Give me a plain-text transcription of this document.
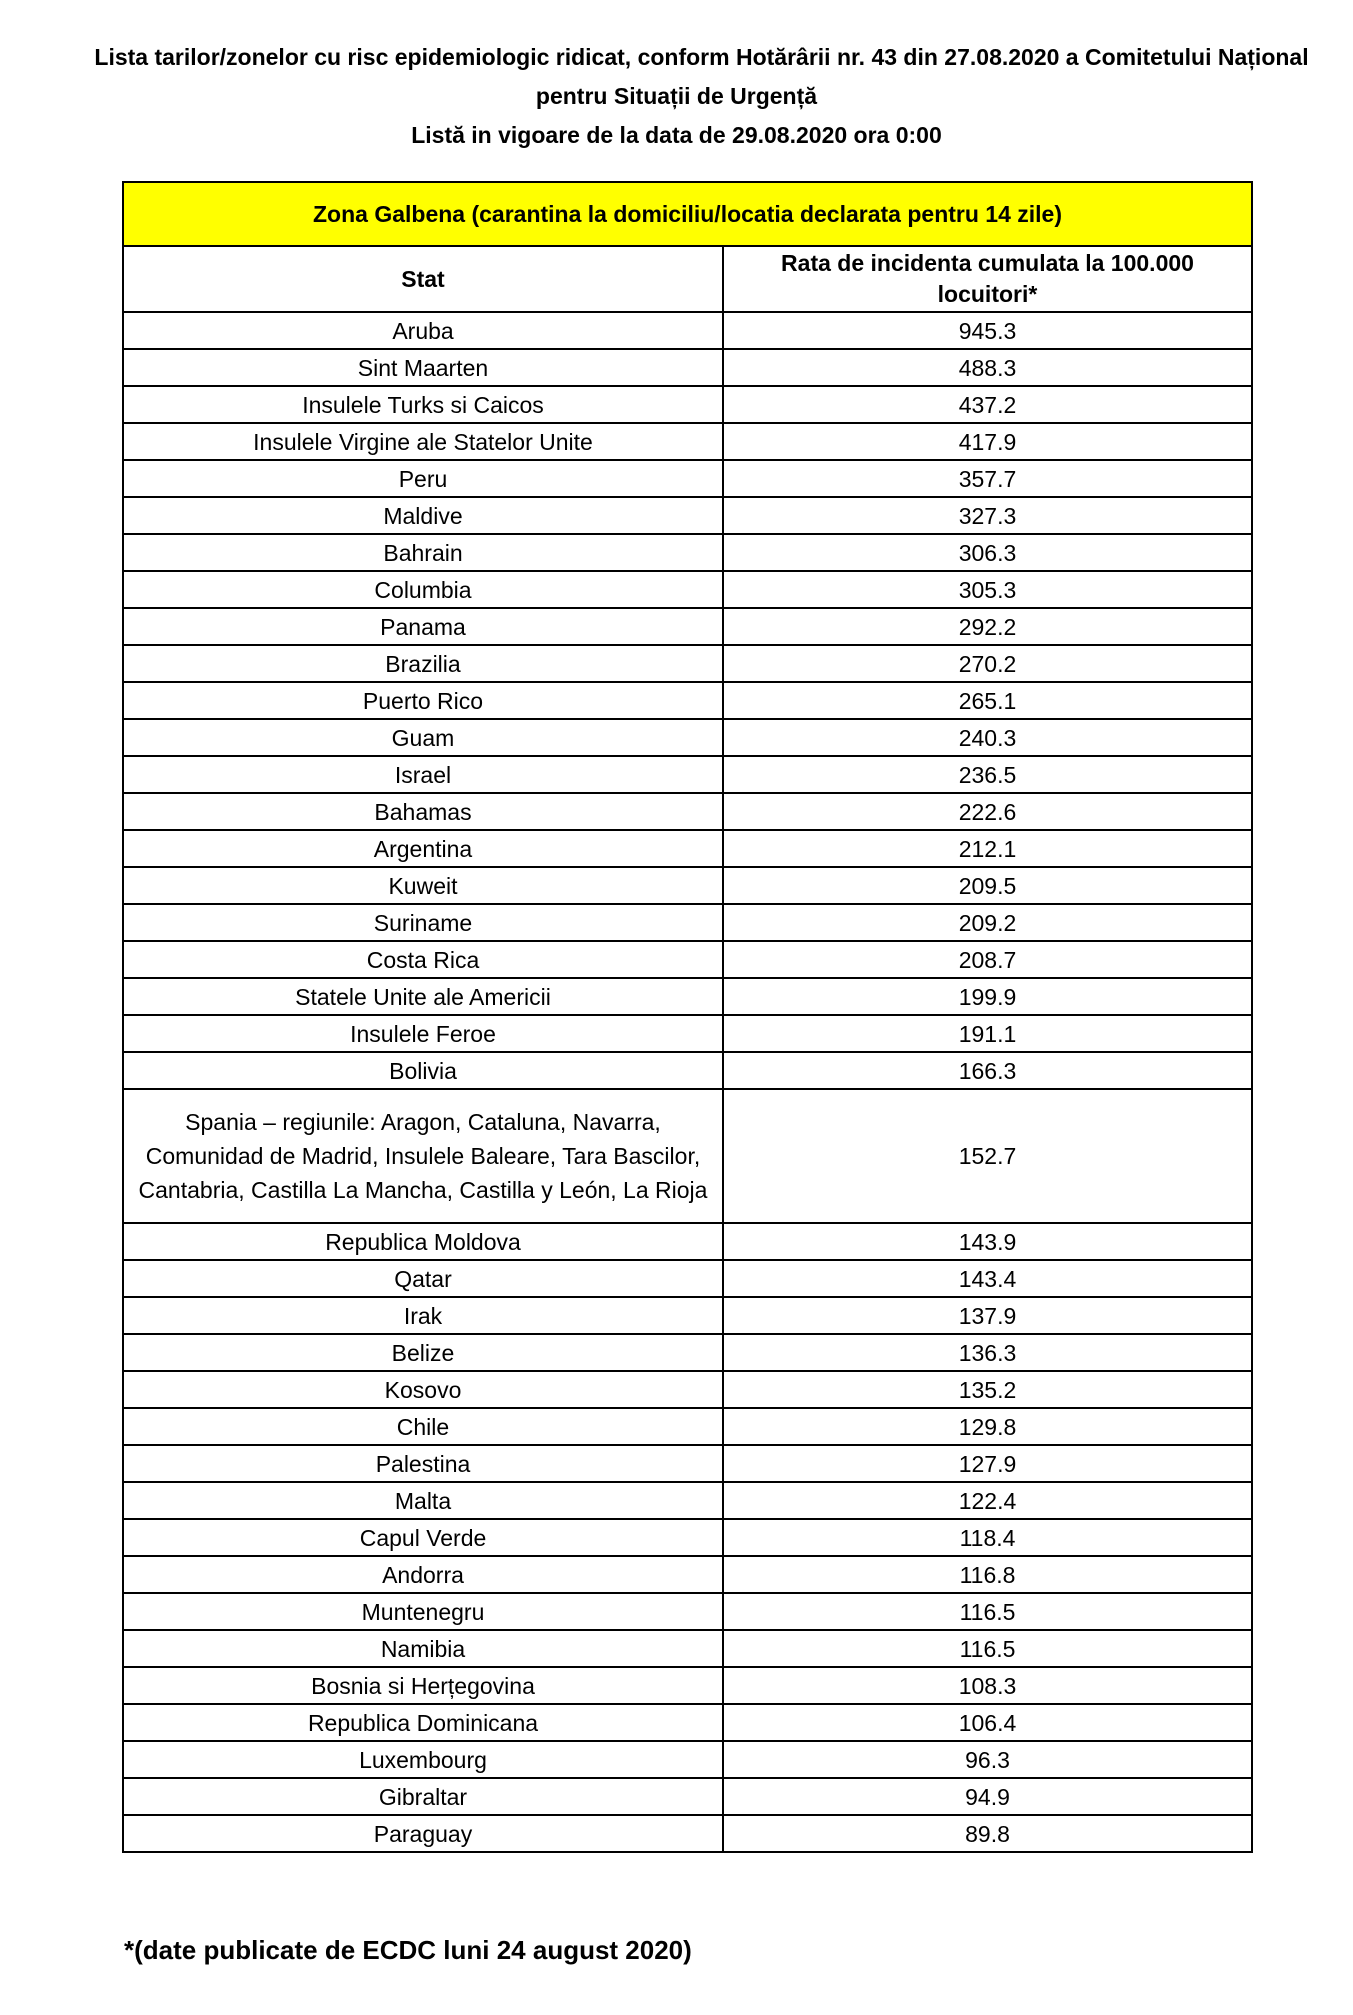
Lista tarilor/zonelor cu risc epidemiologic ridicat, conform Hotărârii nr. 43 din 27.08.2020 a Comitetului Național
pentru Situații de Urgență
Listă in vigoare de la data de 29.08.2020 ora 0:00
Zona Galbena (carantina la domiciliu/locatia declarata pentru 14 zile)	
Stat	Rata de incidenta cumulata la 100.000 locuitori*
Aruba	945.3
Sint Maarten	488.3
Insulele Turks si Caicos	437.2
Insulele Virgine ale Statelor Unite	417.9
Peru	357.7
Maldive	327.3
Bahrain	306.3
Columbia	305.3
Panama	292.2
Brazilia	270.2
Puerto Rico	265.1
Guam	240.3
Israel	236.5
Bahamas	222.6
Argentina	212.1
Kuweit	209.5
Suriname	209.2
Costa Rica	208.7
Statele Unite ale Americii	199.9
Insulele Feroe	191.1
Bolivia	166.3
Spania – regiunile: Aragon, Cataluna, Navarra, Comunidad de Madrid, Insulele Baleare, Tara Bascilor, Cantabria, Castilla La Mancha, Castilla y León, La Rioja	152.7
Republica Moldova	143.9
Qatar	143.4
Irak	137.9
Belize	136.3
Kosovo	135.2
Chile	129.8
Palestina	127.9
Malta	122.4
Capul Verde	118.4
Andorra	116.8
Muntenegru	116.5
Namibia	116.5
Bosnia si Herțegovina	108.3
Republica Dominicana	106.4
Luxembourg	96.3
Gibraltar	94.9
Paraguay	89.8
*(date publicate de ECDC luni 24 august 2020)
